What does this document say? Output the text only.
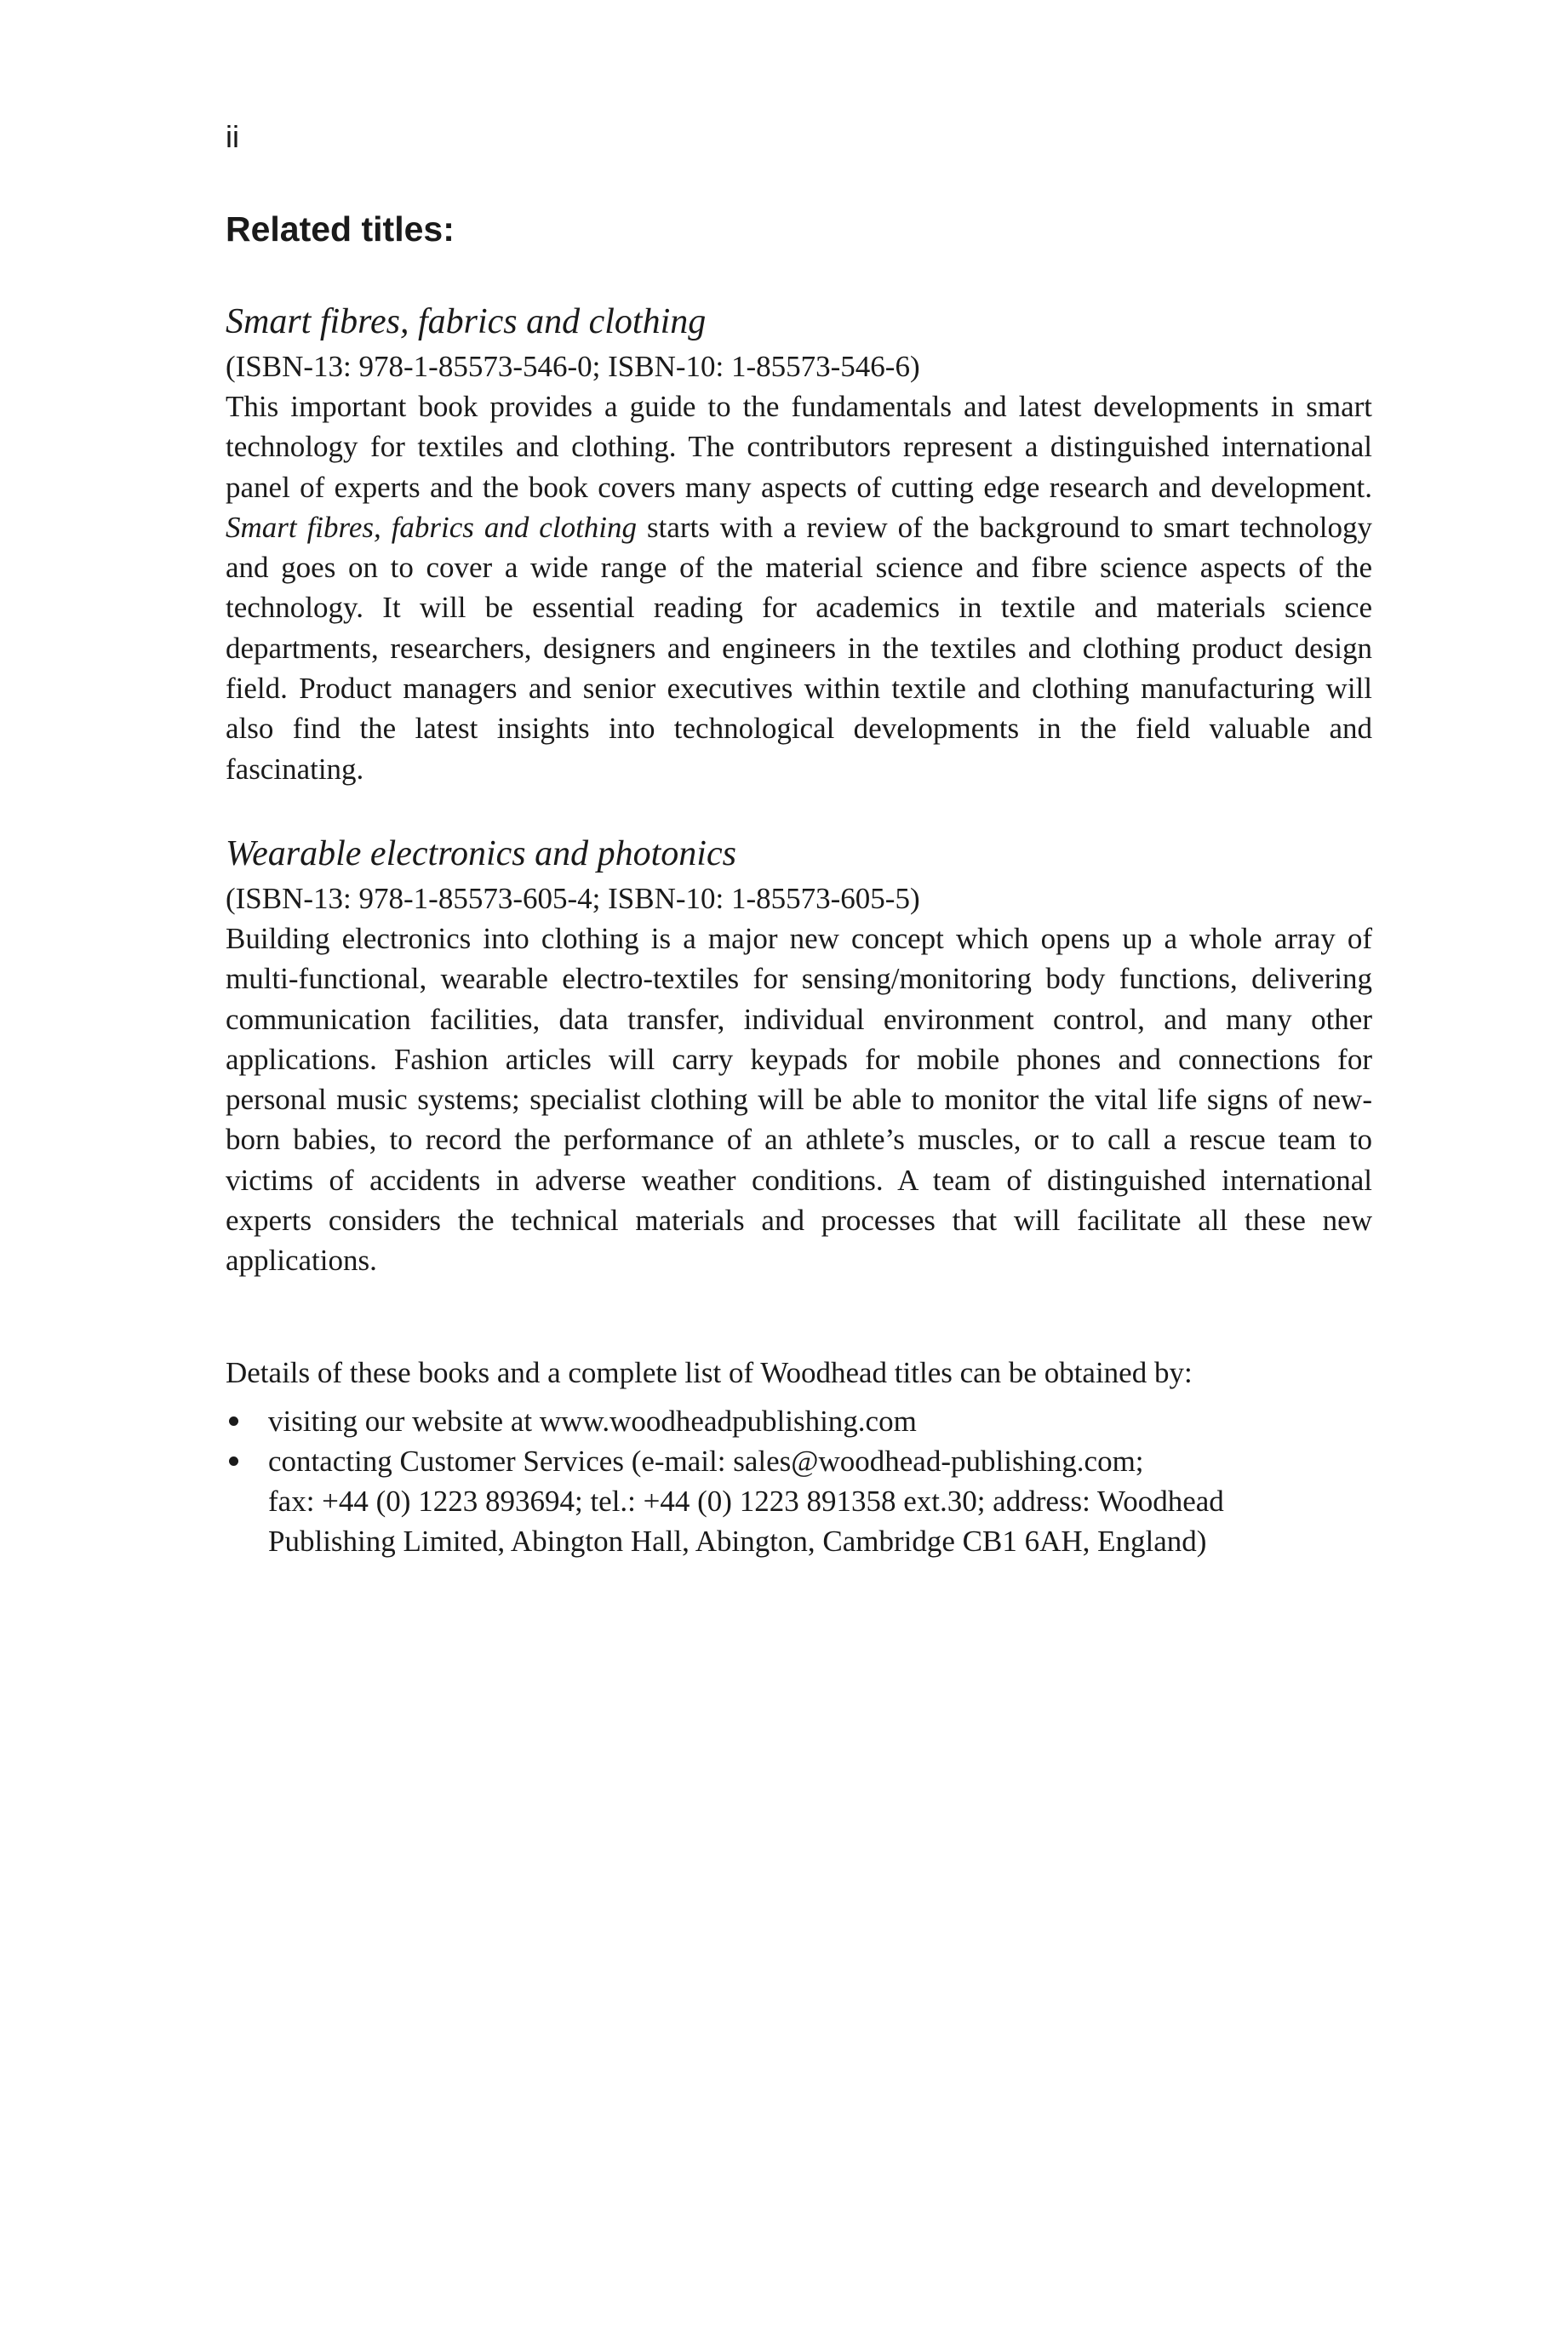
ii

Related titles:
Smart fibres, fabrics and clothing

(ISBN-13: 978-1-85573-546-0; ISBN-10: 1-85573-546-6)

This important book provides a guide to the fundamentals and latest developments in smart technology for textiles and clothing. The contributors represent a distinguished international panel of experts and the book covers many aspects of cutting edge research and development. Smart fibres, fabrics and clothing starts with a review of the background to smart technology and goes on to cover a wide range of the material science and fibre science aspects of the technology. It will be essential reading for academics in textile and materials science departments, researchers, designers and engineers in the textiles and clothing product design field. Product managers and senior executives within textile and clothing manufacturing will also find the latest insights into technological developments in the field valuable and fascinating.

Wearable electronics and photonics

(ISBN-13: 978-1-85573-605-4; ISBN-10: 1-85573-605-5)

Building electronics into clothing is a major new concept which opens up a whole array of multi-functional, wearable electro-textiles for sensing/monitoring body functions, delivering communication facilities, data transfer, individual environment control, and many other applications. Fashion articles will carry keypads for mobile phones and connections for personal music systems; specialist clothing will be able to monitor the vital life signs of new-born babies, to record the performance of an athlete’s muscles, or to call a rescue team to victims of accidents in adverse weather conditions. A team of distinguished international experts considers the technical materials and processes that will facilitate all these new applications.

Details of these books and a complete list of Woodhead titles can be obtained by:

visiting our website at www.woodheadpublishing.com
contacting Customer Services (e-mail: sales@woodhead-publishing.com;
fax: +44 (0) 1223 893694; tel.: +44 (0) 1223 891358 ext.30; address: Woodhead
Publishing Limited, Abington Hall, Abington, Cambridge CB1 6AH, England)
